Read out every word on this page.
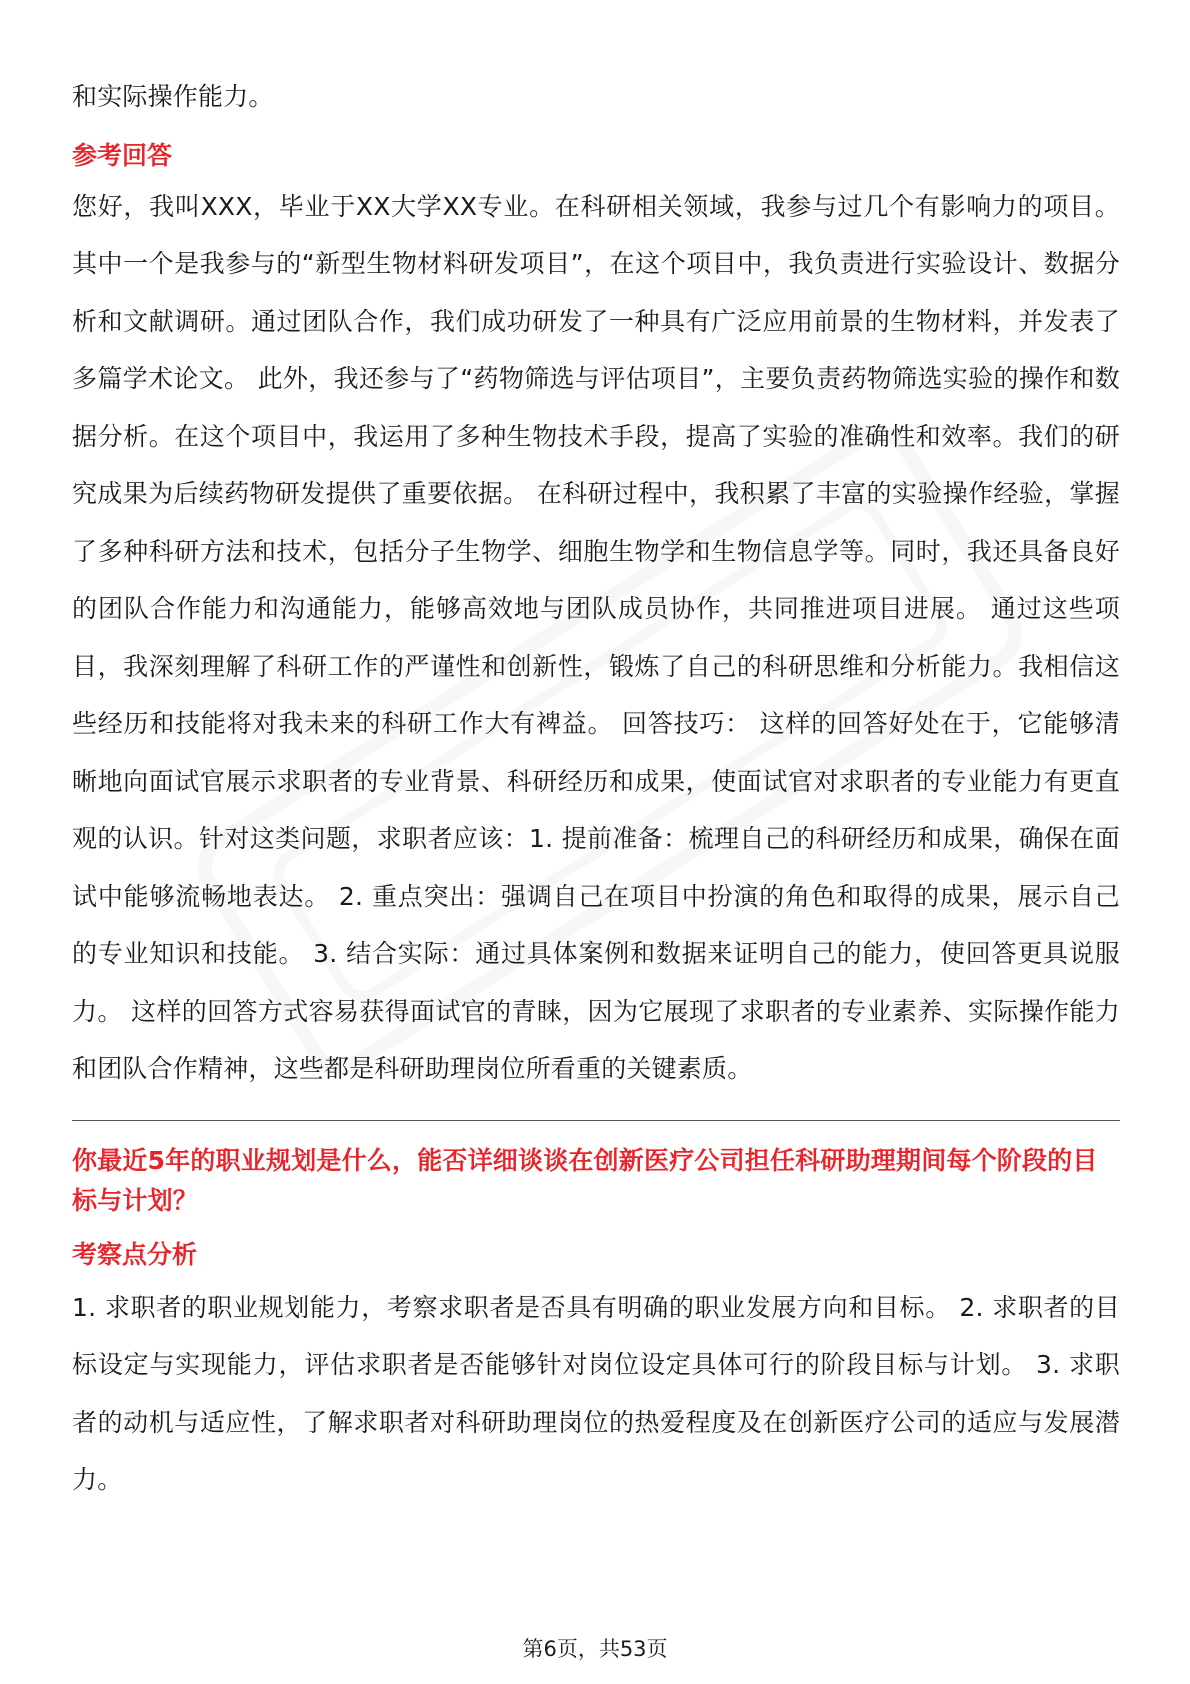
和实际操作能力。

参考回答

您好，我叫XXX，毕业于XX大学XX专业。在科研相关领域，我参与过几个有影响力的项目。其中一个是我参与的“新型生物材料研发项目”，在这个项目中，我负责进行实验设计、数据分析和文献调研。通过团队合作，我们成功研发了一种具有广泛应用前景的生物材料，并发表了多篇学术论文。 此外，我还参与了“药物筛选与评估项目”，主要负责药物筛选实验的操作和数据分析。在这个项目中，我运用了多种生物技术手段，提高了实验的准确性和效率。我们的研究成果为后续药物研发提供了重要依据。 在科研过程中，我积累了丰富的实验操作经验，掌握了多种科研方法和技术，包括分子生物学、细胞生物学和生物信息学等。同时，我还具备良好的团队合作能力和沟通能力，能够高效地与团队成员协作，共同推进项目进展。 通过这些项目，我深刻理解了科研工作的严谨性和创新性，锻炼了自己的科研思维和分析能力。我相信这些经历和技能将对我未来的科研工作大有裨益。 回答技巧： 这样的回答好处在于，它能够清晰地向面试官展示求职者的专业背景、科研经历和成果，使面试官对求职者的专业能力有更直观的认识。针对这类问题，求职者应该：1. 提前准备：梳理自己的科研经历和成果，确保在面试中能够流畅地表达。 2. 重点突出：强调自己在项目中扮演的角色和取得的成果，展示自己的专业知识和技能。 3. 结合实际：通过具体案例和数据来证明自己的能力，使回答更具说服力。 这样的回答方式容易获得面试官的青睐，因为它展现了求职者的专业素养、实际操作能力和团队合作精神，这些都是科研助理岗位所看重的关键素质。

你最近5年的职业规划是什么，能否详细谈谈在创新医疗公司担任科研助理期间每个阶段的目标与计划？
考察点分析

1. 求职者的职业规划能力，考察求职者是否具有明确的职业发展方向和目标。 2. 求职者的目标设定与实现能力，评估求职者是否能够针对岗位设定具体可行的阶段目标与计划。 3. 求职者的动机与适应性，了解求职者对科研助理岗位的热爱程度及在创新医疗公司的适应与发展潜力。

第6页，共53页
